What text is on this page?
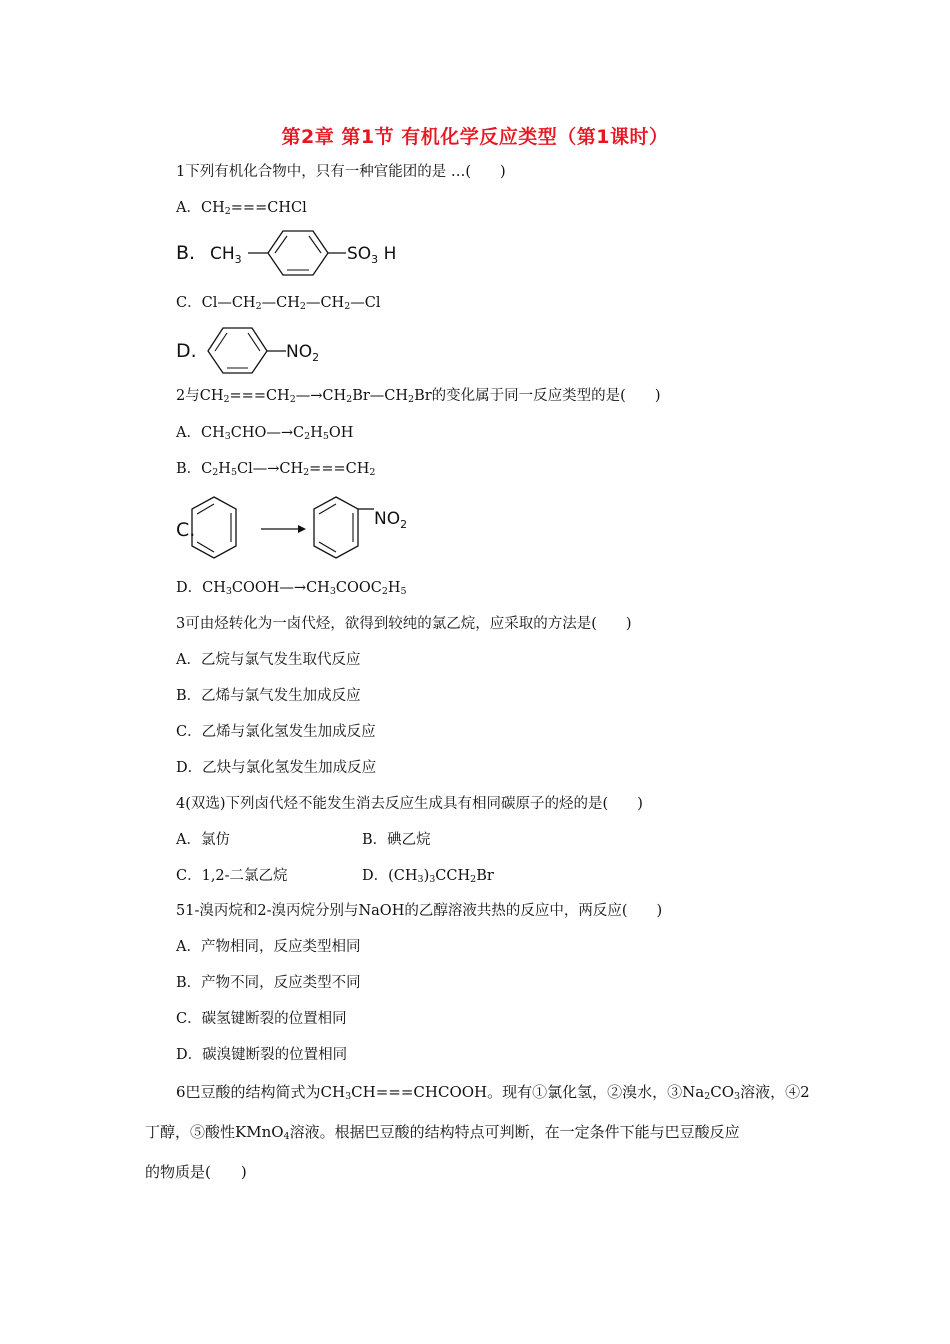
第2章 第1节 有机化学反应类型（第1课时）
1下列有机化合物中，只有一种官能团的是 …(　　)
A．$CH_2===CHCl$
B. $CH_3$	$SO_3$ H
C．$Cl—CH_2—CH_2—CH_2—Cl$
D.	$NO_2$
2与$CH_2===CH_2—\to CH_2Br—CH_2Br$的变化属于同一反应类型的是(　　)
A．$CH_3CHO—\to C_2H_5OH$
B．$C_2H_5Cl—\to CH_2===CH_2$
C.	$NO_2$
D．$CH_3COOH—\to CH_3COOC_2H_5$
3可由烃转化为一卤代烃，欲得到较纯的氯乙烷，应采取的方法是(　　)
A．乙烷与氯气发生取代反应
B．乙烯与氯气发生加成反应
C．乙烯与氯化氢发生加成反应
D．乙炔与氯化氢发生加成反应
4(双选)下列卤代烃不能发生消去反应生成具有相同碳原子的烃的是(　　)
A．氯仿	B．碘乙烷
C．1,2-二氯乙烷	D．$(CH_3)_3CCH_2Br$
51-溴丙烷和2-溴丙烷分别与NaOH的乙醇溶液共热的反应中，两反应(　　)
A．产物相同，反应类型相同
B．产物不同，反应类型不同
C．碳氢键断裂的位置相同
D．碳溴键断裂的位置相同
6巴豆酸的结构简式为$CH_3CH===CHCOOH$。现有①氯化氢，②溴水，$③Na_2CO_3$溶液，④2
丁醇，⑤酸性KMnO$_4$溶液。根据巴豆酸的结构特点可判断，在一定条件下能与巴豆酸反应
的物质是(　　)
